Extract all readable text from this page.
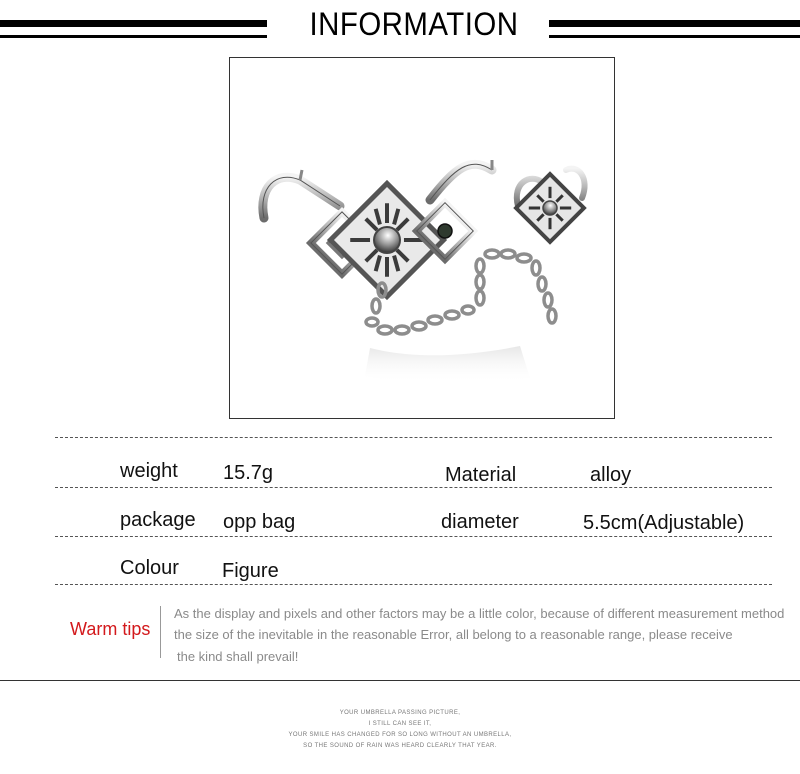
INFORMATION
weight 15.7g	Material	alloy
package opp bag	diameter	5.5cm(Adjustable)
Colour Figure
Warm tips
As the display and pixels and other factors may be a little color, because of different measurement method
the size of the inevitable in the reasonable Error, all belong to a reasonable range, please receive
the kind shall prevail!
YOUR UMBRELLA PASSING PICTURE,
I STILL CAN SEE IT,
YOUR SMILE HAS CHANGED FOR SO LONG WITHOUT AN UMBRELLA,
SO THE SOUND OF RAIN WAS HEARD CLEARLY THAT YEAR.
